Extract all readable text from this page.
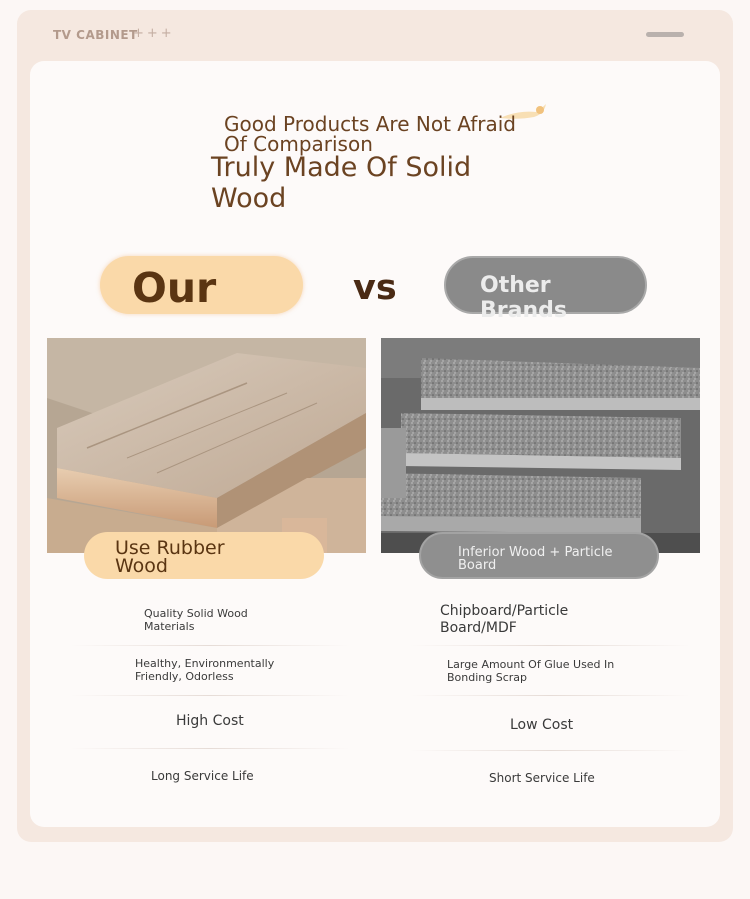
TV CABINET
+++
Good Products Are Not Afraid Of Comparison
Truly Made Of Solid Wood
Our	vs	Other Brands
Use Rubber Wood
Inferior Wood + Particle Board
Quality Solid Wood Materials
Healthy, Environmentally Friendly, Odorless
High Cost
Long Service Life
Chipboard/Particle Board/MDF
Large Amount Of Glue Used In Bonding Scrap
Low Cost
Short Service Life
